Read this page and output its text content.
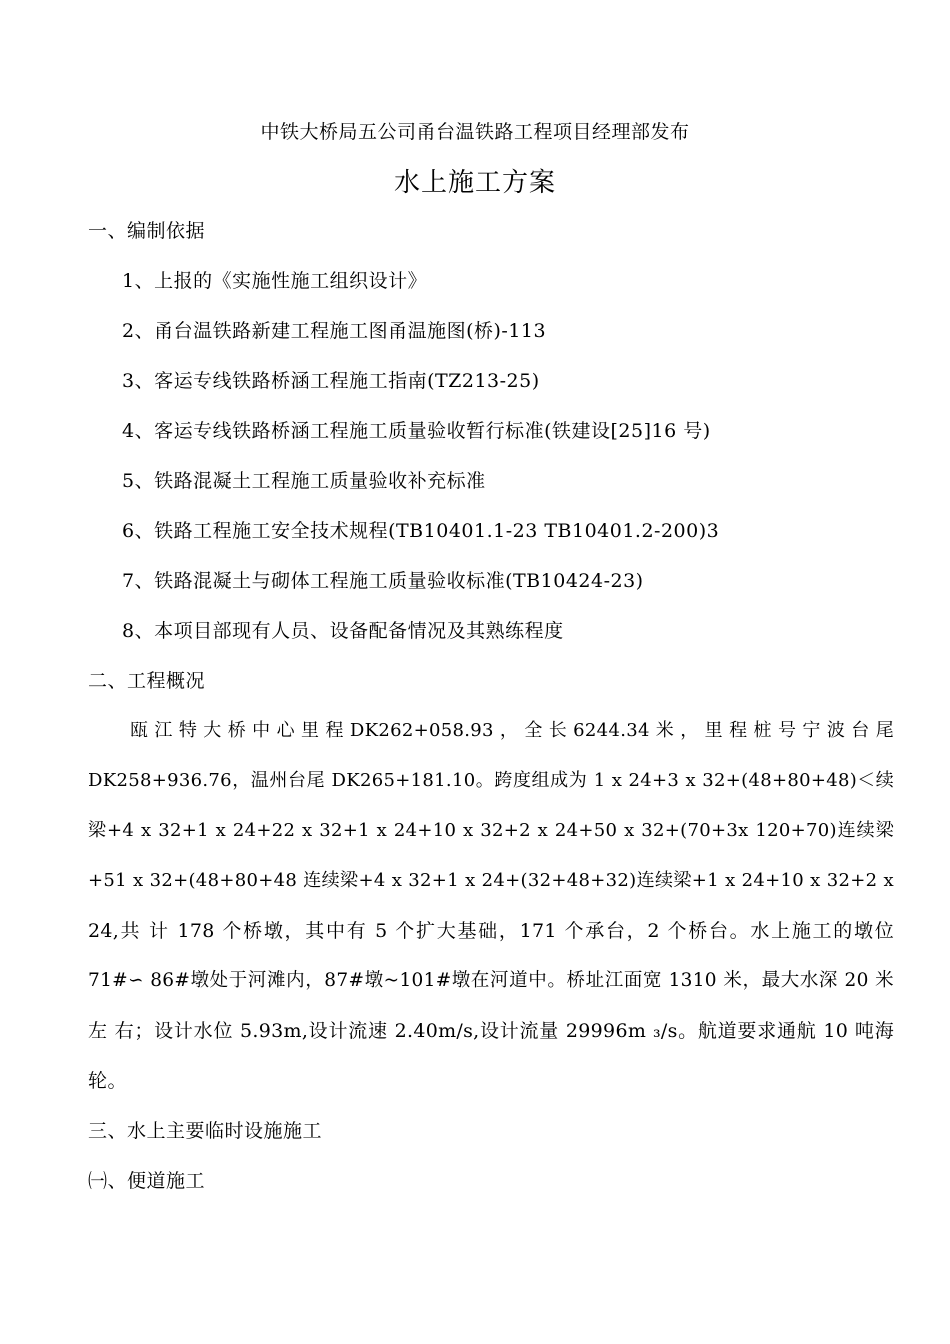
中铁大桥局五公司甬台温铁路工程项目经理部发布
水上施工方案
一、编制依据
1、上报的《实施性施工组织设计》
2、甬台温铁路新建工程施工图甬温施图(桥)-113
3、客运专线铁路桥涵工程施工指南(TZ213-25)
4、客运专线铁路桥涵工程施工质量验收暂行标准(铁建设[25]16 号)
5、铁路混凝土工程施工质量验收补充标准
6、铁路工程施工安全技术规程(TB10401.1-23 TB10401.2-200)3
7、铁路混凝土与砌体工程施工质量验收标准(TB10424-23)
8、本项目部现有人员、设备配备情况及其熟练程度
二、工程概况
瓯 江 特 大 桥 中 心 里 程 DK262+058.93 ， 全 长 6244.34 米 ， 里 程 桩 号 宁 波 台 尾
DK258+936.76，温州台尾 DK265+181.10。跨度组成为 1 x 24+3 x 32+(48+80+48)＜续
梁+4 x 32+1 x 24+22 x 32+1 x 24+10 x 32+2 x 24+50 x 32+(70+3x 120+70)连续梁
+51 x 32+(48+80+48 连续梁+4 x 32+1 x 24+(32+48+32)连续梁+1 x 24+10 x 32+2 x
24,共 计 178 个桥墩，其中有 5 个扩大基础，171 个承台，2 个桥台。水上施工的墩位
71#∽ 86#墩处于河滩内，87#墩~101#墩在河道中。桥址江面宽 1310 米，最大水深 20 米
左 右；设计水位 5.93m,设计流速 2.40m/s,设计流量 29996m ₃/s。航道要求通航 10 吨海
轮。
三、水上主要临时设施施工
㈠、便道施工
